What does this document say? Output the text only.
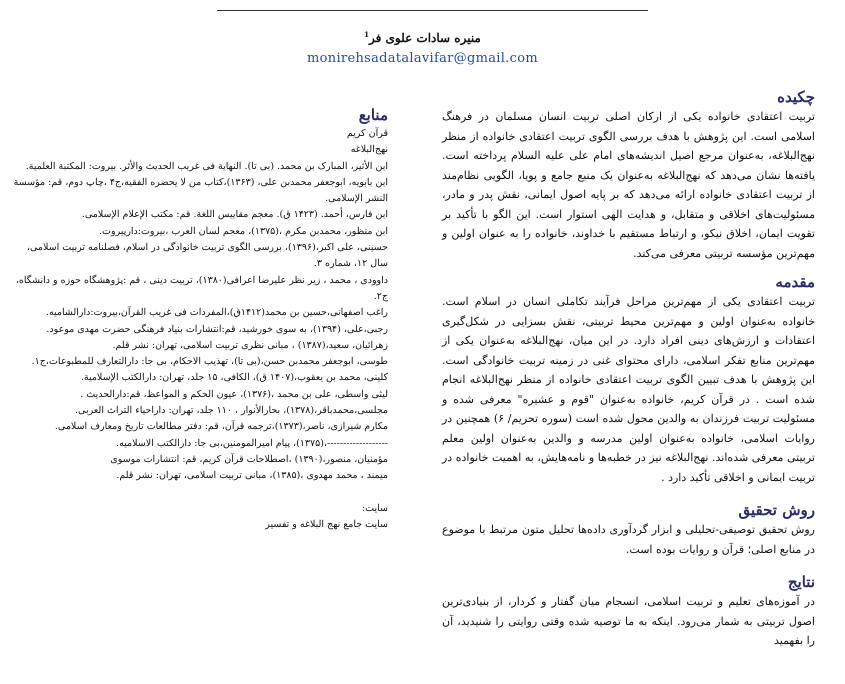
منیره سادات علوی فر$^1$
monirehsadatalavifar@gmail.com
چکیده

تربیت اعتقادی خانواده یکی از ارکان اصلی تربیت انسان مسلمان در فرهنگ اسلامی است. این پژوهش با هدف بررسی الگوی تربیت اعتقادی خانواده از منظر نهج‌البلاغه، به‌عنوان مرجع اصیل اندیشه‌های امام علی علیه السلام پرداخته است. یافته‌ها نشان می‌دهد که نهج‌البلاغه به‌عنوان یک منبع جامع و پویا، الگویی نظام‌مند از تربیت اعتقادی خانواده ارائه می‌دهد که بر پایه اصول ایمانی، نقش پدر و مادر، مسئولیت‌های اخلاقی و متقابل، و هدایت الهی استوار است. این الگو با تأکید بر تقویت ایمان، اخلاق نیکو، و ارتباط مستقیم با خداوند، خانواده را به عنوان اولین و مهم‌ترین مؤسسه تربیتی معرفی می‌کند.

مقدمه

تربیت اعتقادی یکی از مهم‌ترین مراحل فرآیند تکاملی انسان در اسلام است. خانواده به‌عنوان اولین و مهم‌ترین محیط تربیتی، نقش بسزایی در شکل‌گیری اعتقادات و ارزش‌های دینی افراد دارد. در این میان، نهج‌البلاغه به‌عنوان یکی از مهم‌ترین منابع تفکر اسلامی، دارای محتوای غنی در زمینه تربیت خانوادگی است. این پژوهش با هدف تبیین الگوی تربیت اعتقادی خانواده از منظر نهج‌البلاغه انجام شده است . در قرآن کریم، خانواده به‌عنوان "قوم و عشیره" معرفی شده و مسئولیت تربیت فرزندان به والدین محول شده است (سوره تحریم/ ۶) همچنین در روایات اسلامی، خانواده به‌عنوان اولین مدرسه و والدین به‌عنوان اولین معلم تربیتی معرفی شده‌اند. نهج‌البلاغه نیز در خطبه‌ها و نامه‌هایش، به اهمیت خانواده در تربیت ایمانی و اخلاقی تأکید دارد .

روش تحقیق

روش تحقیق توصیفی-تحلیلی و ابزار گردآوری داده‌ها تحلیل متون مرتبط با موضوع در منابع اصلی؛ قرآن و روایات بوده است.

نتایج

در آموزه‌های تعلیم و تربیت اسلامی، انسجام میان گفتار و کردار، از بنیادی‌ترین اصول تربیتی به شمار می‌رود. اینکه به ما توصیه شده وقتی روایتی را شنیدید، آن را بفهمید

منابع

قرآن کریم

نهج‌البلاغه

ابن الأثیر، المبارک بن محمد. (بی تا). النهایة فی غریب الحدیث والأثر. بیروت: المکتبة العلمیة.

ابن بابویه، ابوجعفر محمدبن علی، (۱۳۶۳)،کتاب من لا یحضره الفقیه،ج۴ ،چاپ دوم، قم: مؤسسة النشر الإسلامی.

ابن فارس، أحمد. (۱۴۲۳ ق). معجم مقاییس اللغة. قم: مکتب الإعلام الإسلامی.

ابن منظور، محمدبن مکرم ،(۱۳۷۵)، معجم لسان العرب ،بیروت:دارپیروت.

حسینی، علی اکبر،(۱۳۹۶)، بررسی الگوی تربیت خانوادگی در اسلام، فصلنامه تربیت اسلامی، سال ۱۲، شماره ۳.

داوودی ، محمد ، زیر نظر علیرضا اعرافی(۱۳۸۰)، تربیت دینی ، قم :پژوهشگاه حوزه و دانشگاه، ج۲.

راغب اصفهانی،حسین بن محمد(۱۴۱۲ق)،المفردات فی غریب القرآن،بیروت:دارالشامیه.

رجبی،علی، (۱۳۹۴)، به سوی خورشید، قم:انتشارات بنیاد فرهنگی حضرت مهدی موعود.

زهرائیان، سعید،(۱۳۸۷) ، مبانی نظری تربیت اسلامی، تهران: نشر قلم.

طوسی، ابوجعفر محمدبن حسن،(بی تا)، تهذیب الاحکام، بی جا: دارالتعارف للمطبوعات،ج۱.

کلینی، محمد بن یعقوب،(۱۴۰۷ ق)، الکافی، ۱۵ جلد، تهران: دارالکتب الإسلامیة.

لیثی واسطی، علی بن محمد ،(۱۳۷۶)، عیون الحکم و المواعظ، قم:دارالحدیث .

مجلسی،محمدباقر،(۱۳۷۸)، بحارالأنوار ، ۱۱۰ جلد، تهران: داراحیاء التراث العربی.

مکارم شیرازی، ناصر،(۱۳۷۳)،ترجمه قرآن، قم: دفتر مطالعات تاریخ ومعارف اسلامی.

-------------------،(۱۳۷۵)، پیام امیرالمومنین،بی جا: دارالکتب الاسلامیه.

مؤمنیان، منصور،(۱۳۹۰) ،اصطلاحات قرآن کریم، قم: انتشارات موسوی

میمند ، محمد مهدوی ،(۱۳۸۵)، مبانی تربیت اسلامی، تهران: نشر قلم.

سایت:

سایت جامع نهج البلاغه و تفسیر
